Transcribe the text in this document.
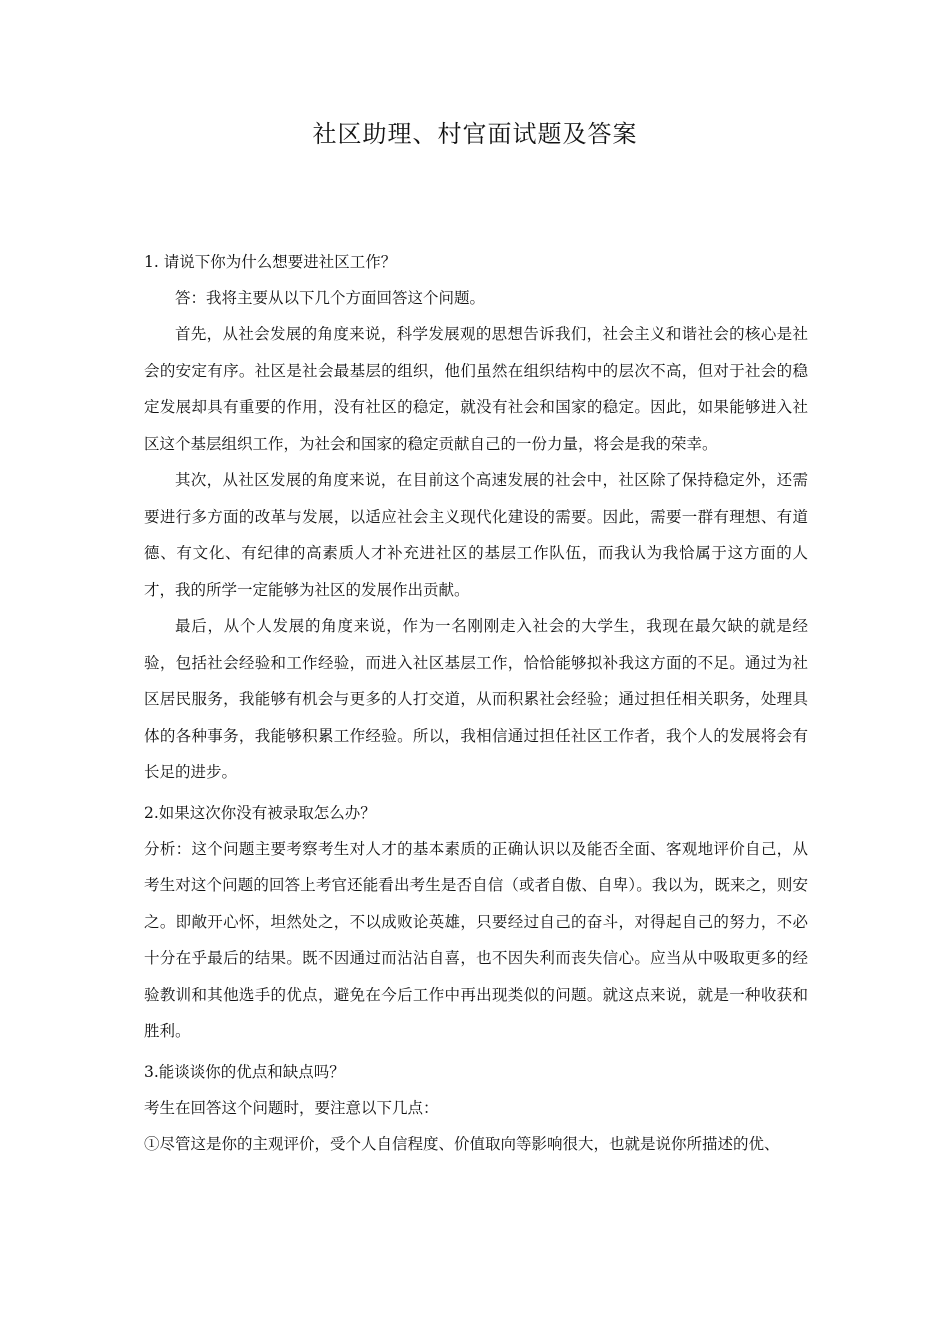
社区助理、村官面试题及答案
1. 请说下你为什么想要进社区工作？
答：我将主要从以下几个方面回答这个问题。
首先，从社会发展的角度来说，科学发展观的思想告诉我们，社会主义和谐社会的核心是社会的安定有序。社区是社会最基层的组织，他们虽然在组织结构中的层次不高，但对于社会的稳定发展却具有重要的作用，没有社区的稳定，就没有社会和国家的稳定。因此，如果能够进入社区这个基层组织工作，为社会和国家的稳定贡献自己的一份力量，将会是我的荣幸。
其次，从社区发展的角度来说，在目前这个高速发展的社会中，社区除了保持稳定外，还需要进行多方面的改革与发展，以适应社会主义现代化建设的需要。因此，需要一群有理想、有道德、有文化、有纪律的高素质人才补充进社区的基层工作队伍，而我认为我恰属于这方面的人才，我的所学一定能够为社区的发展作出贡献。
最后，从个人发展的角度来说，作为一名刚刚走入社会的大学生，我现在最欠缺的就是经验，包括社会经验和工作经验，而进入社区基层工作，恰恰能够拟补我这方面的不足。通过为社区居民服务，我能够有机会与更多的人打交道，从而积累社会经验；通过担任相关职务，处理具体的各种事务，我能够积累工作经验。所以，我相信通过担任社区工作者，我个人的发展将会有长足的进步。
2.如果这次你没有被录取怎么办？
分析：这个问题主要考察考生对人才的基本素质的正确认识以及能否全面、客观地评价自己，从考生对这个问题的回答上考官还能看出考生是否自信（或者自傲、自卑）。我以为，既来之，则安之。即敞开心怀，坦然处之，不以成败论英雄，只要经过自己的奋斗，对得起自己的努力，不必十分在乎最后的结果。既不因通过而沾沾自喜，也不因失利而丧失信心。应当从中吸取更多的经验教训和其他选手的优点，避免在今后工作中再出现类似的问题。就这点来说，就是一种收获和胜利。
3.能谈谈你的优点和缺点吗？
考生在回答这个问题时，要注意以下几点：
①尽管这是你的主观评价，受个人自信程度、价值取向等影响很大，也就是说你所描述的优、
